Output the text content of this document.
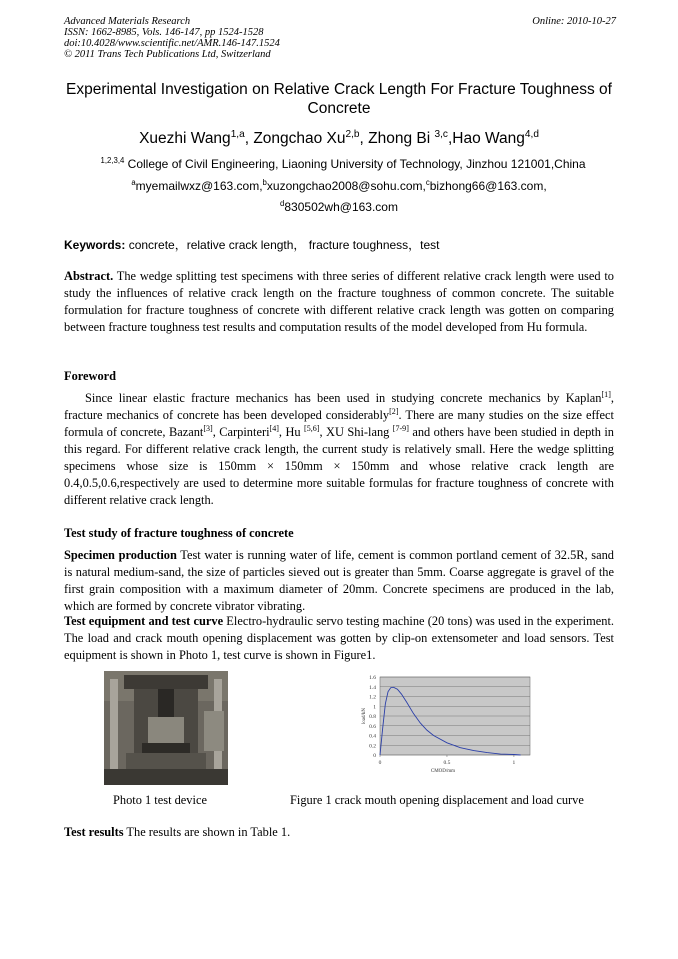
Advanced Materials Research
ISSN: 1662-8985, Vols. 146-147, pp 1524-1528
doi:10.4028/www.scientific.net/AMR.146-147.1524
© 2011 Trans Tech Publications Ltd, Switzerland
Online: 2010-10-27
Experimental Investigation on Relative Crack Length For Fracture Toughness of Concrete
Xuezhi Wang$^{1,a}$, Zongchao Xu$^{2,b}$, Zhong Bi $^{3,c}$,Hao Wang$^{4,d}$
$^{1,2,3,4}$ College of Civil Engineering, Liaoning University of Technology, Jinzhou 121001,China
$^a$myemailwxz@163.com,$^b$xuzongchao2008@sohu.com,$^c$bizhong66@163.com,
$^d$830502wh@163.com
Keywords: concrete，relative crack length， fracture toughness，test
Abstract. The wedge splitting test specimens with three series of different relative crack length were used to study the influences of relative crack length on the fracture toughness of common concrete. The suitable formulation for fracture toughness of concrete with different relative crack length was gotten on comparing between fracture toughness test results and computation results of the model developed from Hu formula.
Foreword
Since linear elastic fracture mechanics has been used in studying concrete mechanics by Kaplan[1], fracture mechanics of concrete has been developed considerably[2]. There are many studies on the size effect formula of concrete, Bazant[3], Carpinteri[4], Hu [5,6], XU Shi-lang [7-9] and others have been studied in depth in this regard. For different relative crack length, the current study is relatively small. Here the wedge splitting specimens whose size is 150mm × 150mm × 150mm and whose relative crack length are 0.4,0.5,0.6,respectively are used to determine more suitable formulas for fracture toughness of concrete with different relative crack length.
Test study of fracture toughness of concrete
Specimen production Test water is running water of life, cement is common portland cement of 32.5R, sand is natural medium-sand, the size of particles sieved out is greater than 5mm. Coarse aggregate is gravel of the first grain composition with a maximum diameter of 20mm. Concrete specimens are produced in the lab, which are formed by concrete vibrator vibrating.
Test equipment and test curve Electro-hydraulic servo testing machine (20 tons) was used in the experiment. The load and crack mouth opening displacement was gotten by clip-on extensometer and load sensors. Test equipment is shown in Photo 1, test curve is shown in Figure1.
Photo 1 test device
0
0.2
0.4
0.6
0.8
1
1.2
1.4
1.6
0	0.5	1
CMOD/mm
load/kN
Figure 1 crack mouth opening displacement and load curve
Test results The results are shown in Table 1.
